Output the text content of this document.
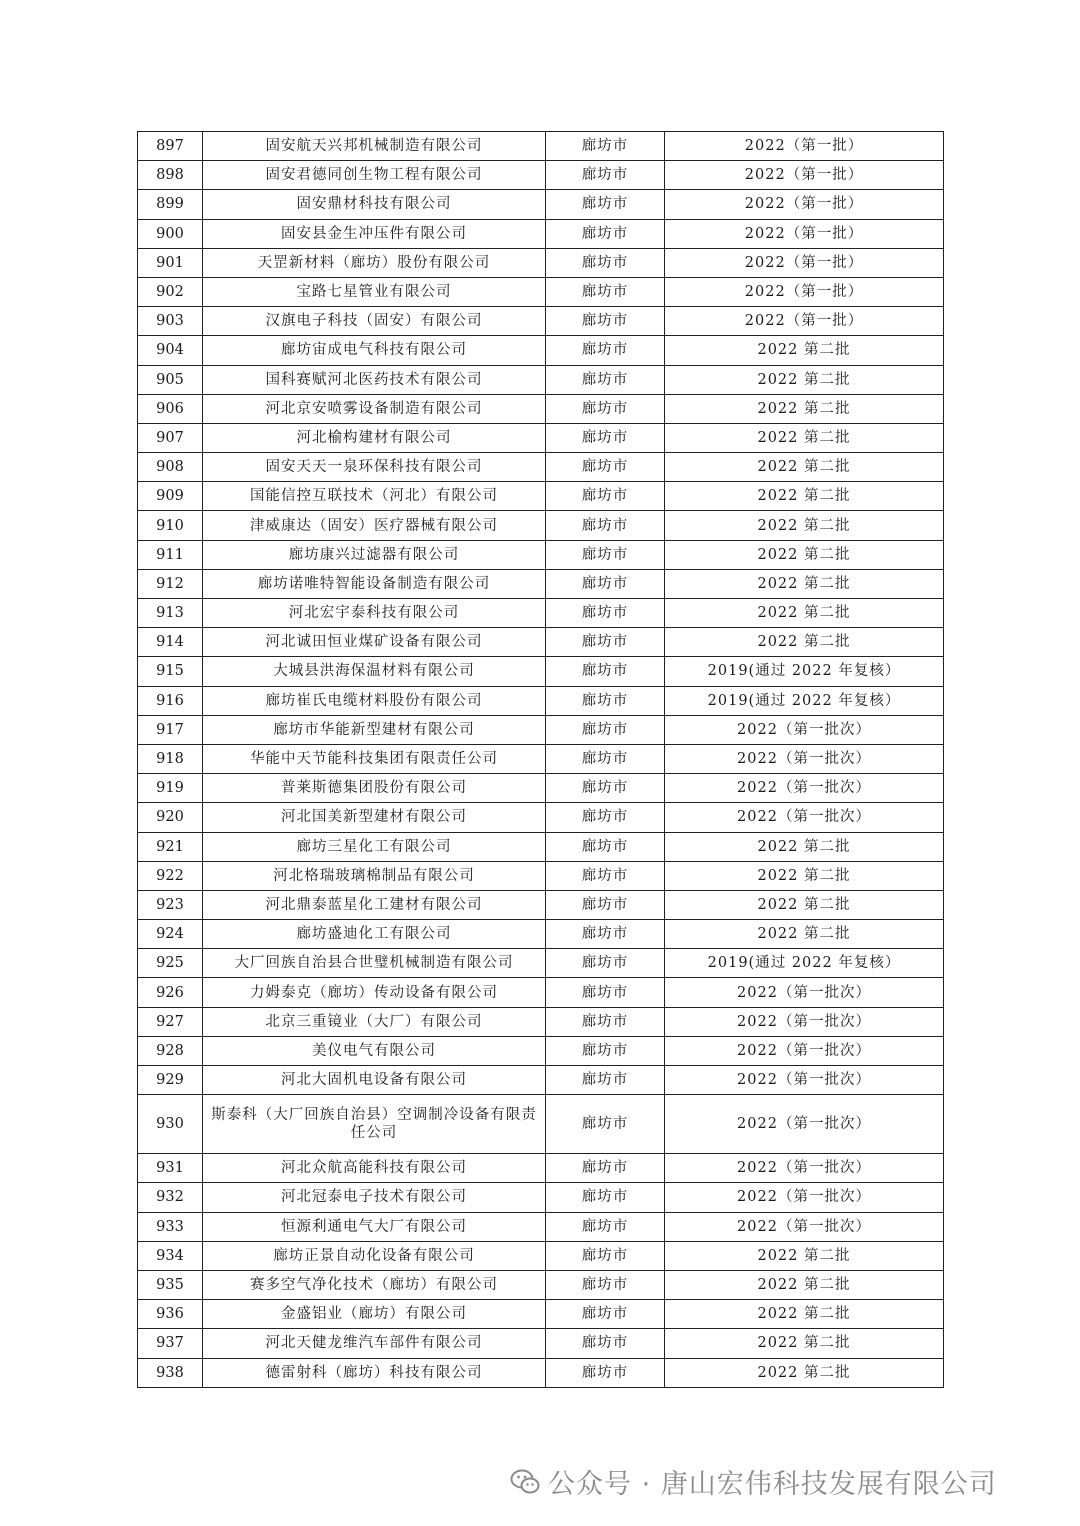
897	固安航天兴邦机械制造有限公司	廊坊市	2022（第一批）
898	固安君德同创生物工程有限公司	廊坊市	2022（第一批）
899	固安鼎材科技有限公司	廊坊市	2022（第一批）
900	固安县金生冲压件有限公司	廊坊市	2022（第一批）
901	天罡新材料（廊坊）股份有限公司	廊坊市	2022（第一批）
902	宝路七星管业有限公司	廊坊市	2022（第一批）
903	汉旗电子科技（固安）有限公司	廊坊市	2022（第一批）
904	廊坊宙成电气科技有限公司	廊坊市	2022 第二批
905	国科赛赋河北医药技术有限公司	廊坊市	2022 第二批
906	河北京安喷雾设备制造有限公司	廊坊市	2022 第二批
907	河北榆构建材有限公司	廊坊市	2022 第二批
908	固安天天一泉环保科技有限公司	廊坊市	2022 第二批
909	国能信控互联技术（河北）有限公司	廊坊市	2022 第二批
910	津威康达（固安）医疗器械有限公司	廊坊市	2022 第二批
911	廊坊康兴过滤器有限公司	廊坊市	2022 第二批
912	廊坊诺唯特智能设备制造有限公司	廊坊市	2022 第二批
913	河北宏宇泰科技有限公司	廊坊市	2022 第二批
914	河北诚田恒业煤矿设备有限公司	廊坊市	2022 第二批
915	大城县洪海保温材料有限公司	廊坊市	2019(通过 2022 年复核）
916	廊坊崔氏电缆材料股份有限公司	廊坊市	2019(通过 2022 年复核）
917	廊坊市华能新型建材有限公司	廊坊市	2022（第一批次）
918	华能中天节能科技集团有限责任公司	廊坊市	2022（第一批次）
919	普莱斯德集团股份有限公司	廊坊市	2022（第一批次）
920	河北国美新型建材有限公司	廊坊市	2022（第一批次）
921	廊坊三星化工有限公司	廊坊市	2022 第二批
922	河北格瑞玻璃棉制品有限公司	廊坊市	2022 第二批
923	河北鼎泰蓝星化工建材有限公司	廊坊市	2022 第二批
924	廊坊盛迪化工有限公司	廊坊市	2022 第二批
925	大厂回族自治县合世璧机械制造有限公司	廊坊市	2019(通过 2022 年复核）
926	力姆泰克（廊坊）传动设备有限公司	廊坊市	2022（第一批次）
927	北京三重镜业（大厂）有限公司	廊坊市	2022（第一批次）
928	美仪电气有限公司	廊坊市	2022（第一批次）
929	河北大固机电设备有限公司	廊坊市	2022（第一批次）
930	斯泰科（大厂回族自治县）空调制冷设备有限责任公司	廊坊市	2022（第一批次）
931	河北众航高能科技有限公司	廊坊市	2022（第一批次）
932	河北冠泰电子技术有限公司	廊坊市	2022（第一批次）
933	恒源利通电气大厂有限公司	廊坊市	2022（第一批次）
934	廊坊正景自动化设备有限公司	廊坊市	2022 第二批
935	赛多空气净化技术（廊坊）有限公司	廊坊市	2022 第二批
936	金盛铝业（廊坊）有限公司	廊坊市	2022 第二批
937	河北天健龙维汽车部件有限公司	廊坊市	2022 第二批
938	德雷射科（廊坊）科技有限公司	廊坊市	2022 第二批
公众号 · 唐山宏伟科技发展有限公司
